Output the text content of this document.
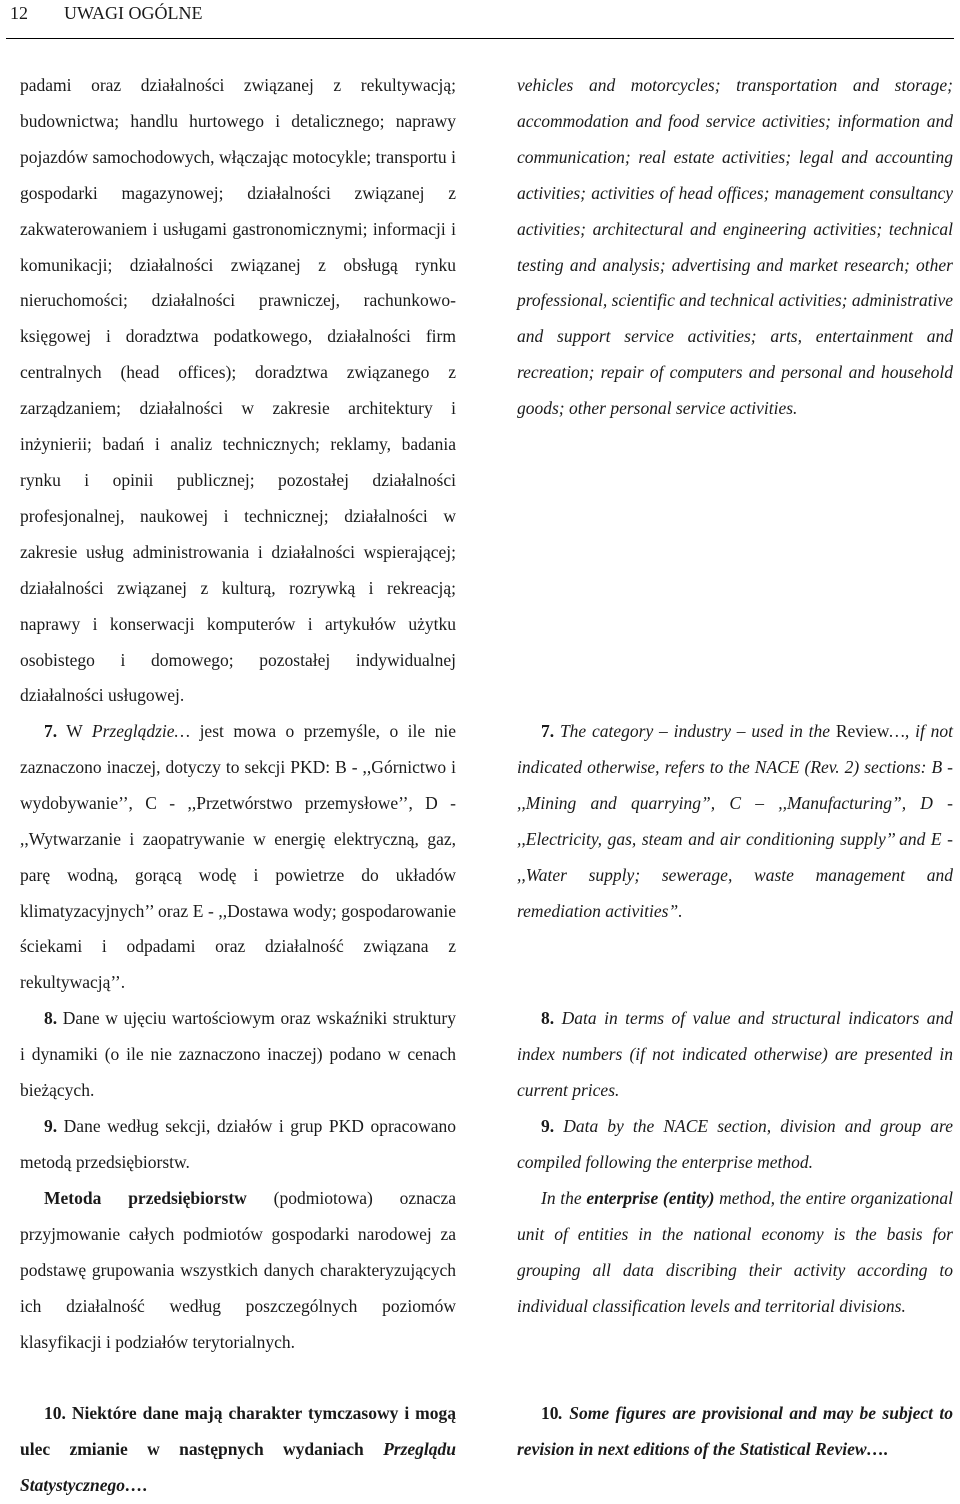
12 UWAGI OGÓLNE

padami oraz działalności związanej z rekultywacją; budownictwa; handlu hurtowego i detalicznego; naprawy pojazdów samochodowych, włączając motocykle; transportu i gospodarki magazynowej; działalności związanej z zakwaterowaniem i usługami gastronomicznymi; informacji i komunikacji; działalności związanej z obsługą rynku nieruchomości; działalności prawniczej, rachunkowo-księgowej i doradztwa podatkowego, działalności firm centralnych (head offices); doradztwa związanego z zarządzaniem; działalności w zakresie architektury i inżynierii; badań i analiz technicznych; reklamy, badania rynku i opinii publicznej; pozostałej działalności profesjonalnej, naukowej i technicznej; działalności w zakresie usług administrowania i działalności wspierającej; działalności związanej z kulturą, rozrywką i rekreacją; naprawy i konserwacji komputerów i artykułów użytku osobistego i domowego; pozostałej indywidualnej działalności usługowej.

7. W Przeglądzie… jest mowa o przemyśle, o ile nie zaznaczono inaczej, dotyczy to sekcji PKD: B - ,,Górnictwo i wydobywanie’’, C - ,,Przetwórstwo przemysłowe’’, D - ,,Wytwarzanie i zaopatrywanie w energię elektryczną, gaz, parę wodną, gorącą wodę i powietrze do układów klimatyzacyjnych’’ oraz E - ,,Dostawa wody; gospodarowanie ściekami i odpadami oraz działalność związana z rekultywacją’’.

8. Dane w ujęciu wartościowym oraz wskaźniki struktury i dynamiki (o ile nie zaznaczono inaczej) podano w cenach bieżących.

9. Dane według sekcji, działów i grup PKD opracowano metodą przedsiębiorstw.

Metoda przedsiębiorstw (podmiotowa) oznacza przyjmowanie całych podmiotów gospodarki narodowej za podstawę grupowania wszystkich danych charakteryzujących ich działalność według poszczególnych poziomów klasyfikacji i podziałów terytorialnych.

10. Niektóre dane mają charakter tymczasowy i mogą ulec zmianie w następnych wydaniach Przeglądu Statystycznego….

vehicles and motorcycles; transportation and storage; accommodation and food service activities; information and communication; real estate activities; legal and accounting activities; activities of head offices; management consultancy activities; architectural and engineering activities; technical testing and analysis; advertising and market research; other professional, scientific and technical activities; administrative and support service activities; arts, entertainment and recreation; repair of computers and personal and household goods; other personal service activities.

7. The category – industry – used in the Review…, if not indicated otherwise, refers to the NACE (Rev. 2) sections: B - ,,Mining and quarrying”, C – ,,Manufacturing”, D - ,,Electricity, gas, steam and air conditioning supply’’ and E - ,,Water supply; sewerage, waste management and remediation activities”.

8. Data in terms of value and structural indicators and index numbers (if not indicated otherwise) are presented in current prices.

9. Data by the NACE section, division and group are compiled following the enterprise method.

In the enterprise (entity) method, the entire organizational unit of entities in the national economy is the basis for grouping all data discribing their activity according to individual classification levels and territorial divisions.

10. Some figures are provisional and may be subject to revision in next editions of the Statistical Review….
